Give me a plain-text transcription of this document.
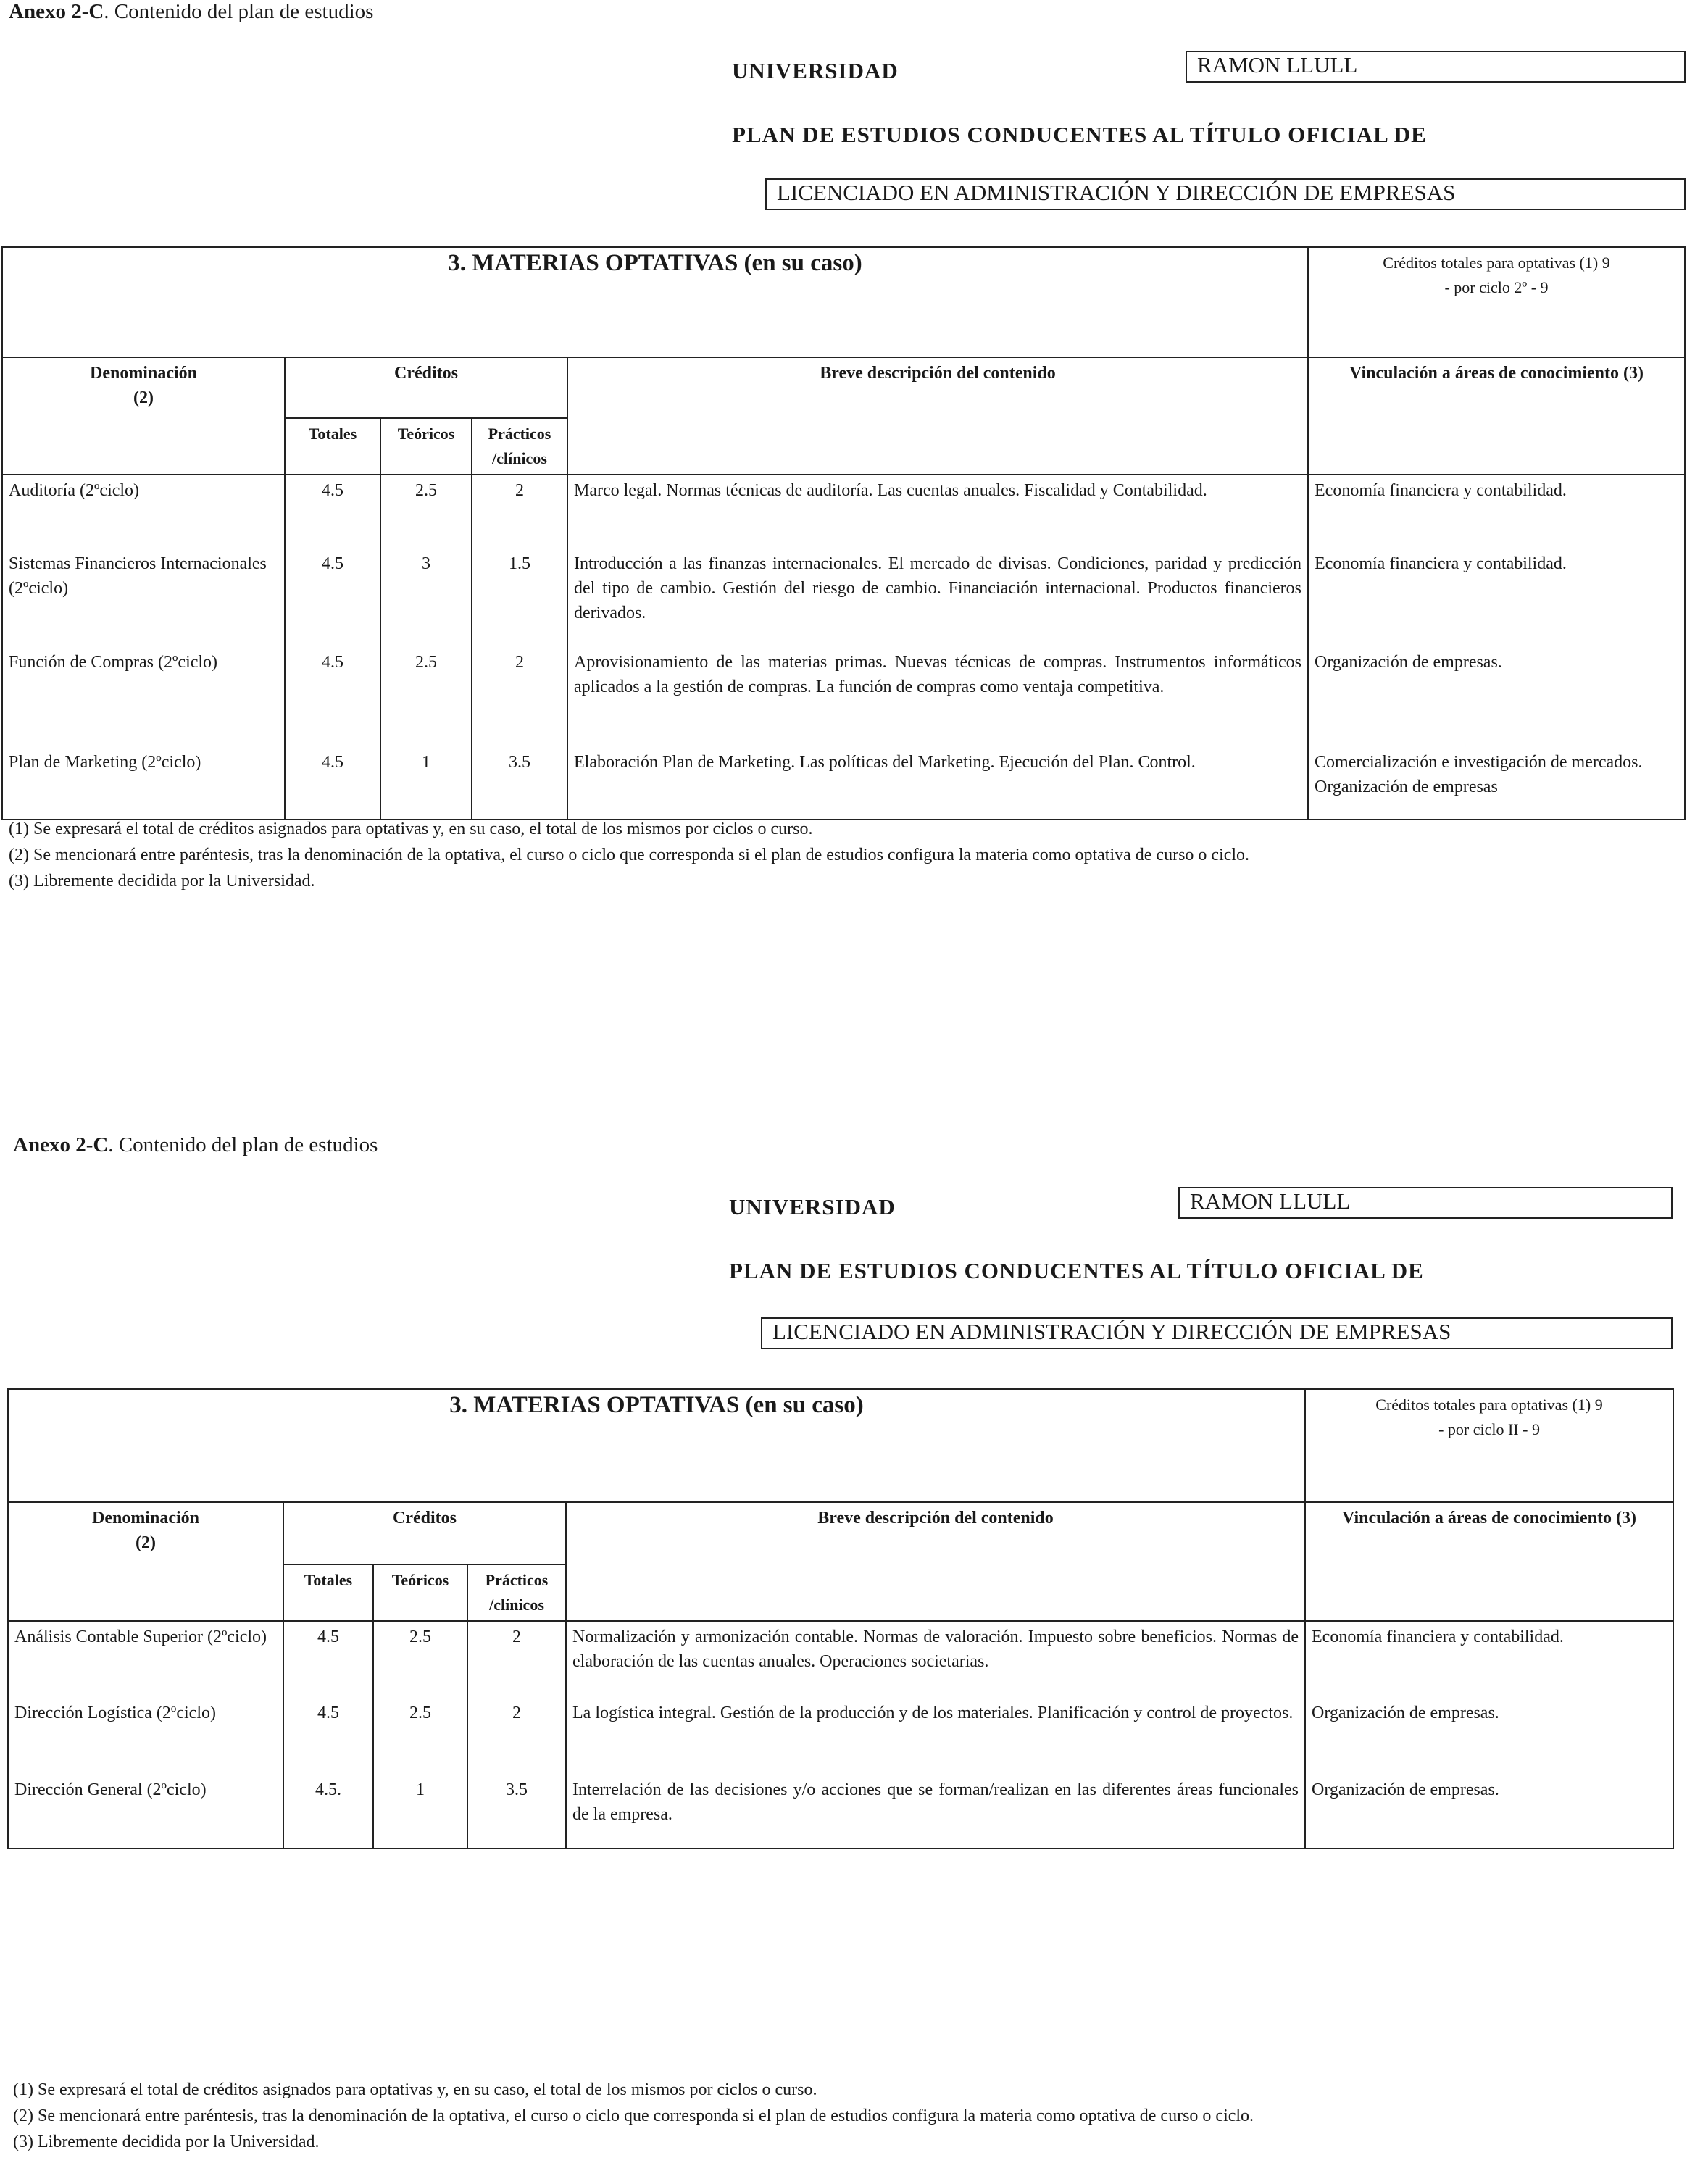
Anexo 2-C. Contenido del plan de estudios
UNIVERSIDAD	RAMON LLULL
PLAN DE ESTUDIOS CONDUCENTES AL TÍTULO OFICIAL DE
LICENCIADO EN ADMINISTRACIÓN Y DIRECCIÓN DE EMPRESAS
3. MATERIAS OPTATIVAS (en su caso)					Créditos totales para optativas (1) 9
- por ciclo 2º - 9

Denominación
(2)	Créditos			Breve descripción del contenido	Vinculación a áreas de conocimiento (3)
	Totales	Teóricos	Prácticos /clínicos		
Auditoría (2ºciclo)	4.5	2.5	2	Marco legal. Normas técnicas de auditoría. Las cuentas anuales. Fiscalidad y Contabilidad.	Economía financiera y contabilidad.
Sistemas Financieros Internacionales (2ºciclo)	4.5	3	1.5	Introducción a las finanzas internacionales. El mercado de divisas. Condiciones, paridad y predicción del tipo de cambio. Gestión del riesgo de cambio. Financiación internacional. Productos financieros derivados.	Economía financiera y contabilidad.
Función de Compras (2ºciclo)	4.5	2.5	2	Aprovisionamiento de las materias primas. Nuevas técnicas de compras. Instrumentos informáticos aplicados a la gestión de compras. La función de compras como ventaja competitiva.	Organización de empresas.
Plan de Marketing (2ºciclo)	4.5	1	3.5	Elaboración Plan de Marketing. Las políticas del Marketing. Ejecución del Plan. Control.	Comercialización e investigación de mercados. Organización de empresas

(1) Se expresará el total de créditos asignados para optativas y, en su caso, el total de los mismos por ciclos o curso.

(2) Se mencionará entre paréntesis, tras la denominación de la optativa, el curso o ciclo que corresponda si el plan de estudios configura la materia como optativa de curso o ciclo.

(3) Libremente decidida por la Universidad.

Anexo 2-C. Contenido del plan de estudios
UNIVERSIDAD	RAMON LLULL
PLAN DE ESTUDIOS CONDUCENTES AL TÍTULO OFICIAL DE
LICENCIADO EN ADMINISTRACIÓN Y DIRECCIÓN DE EMPRESAS
3. MATERIAS OPTATIVAS (en su caso)					Créditos totales para optativas (1) 9
- por ciclo II - 9

Denominación
(2)	Créditos			Breve descripción del contenido	Vinculación a áreas de conocimiento (3)
	Totales	Teóricos	Prácticos /clínicos		
Análisis Contable Superior (2ºciclo)	4.5	2.5	2	Normalización y armonización contable. Normas de valoración. Impuesto sobre beneficios. Normas de elaboración de las cuentas anuales. Operaciones societarias.	Economía financiera y contabilidad.
Dirección Logística (2ºciclo)	4.5	2.5	2	La logística integral. Gestión de la producción y de los materiales. Planificación y control de proyectos.	Organización de empresas.
Dirección General (2ºciclo)	4.5.	1	3.5	Interrelación de las decisiones y/o acciones que se forman/realizan en las diferentes áreas funcionales de la empresa.	Organización de empresas.

(1) Se expresará el total de créditos asignados para optativas y, en su caso, el total de los mismos por ciclos o curso.

(2) Se mencionará entre paréntesis, tras la denominación de la optativa, el curso o ciclo que corresponda si el plan de estudios configura la materia como optativa de curso o ciclo.

(3) Libremente decidida por la Universidad.
